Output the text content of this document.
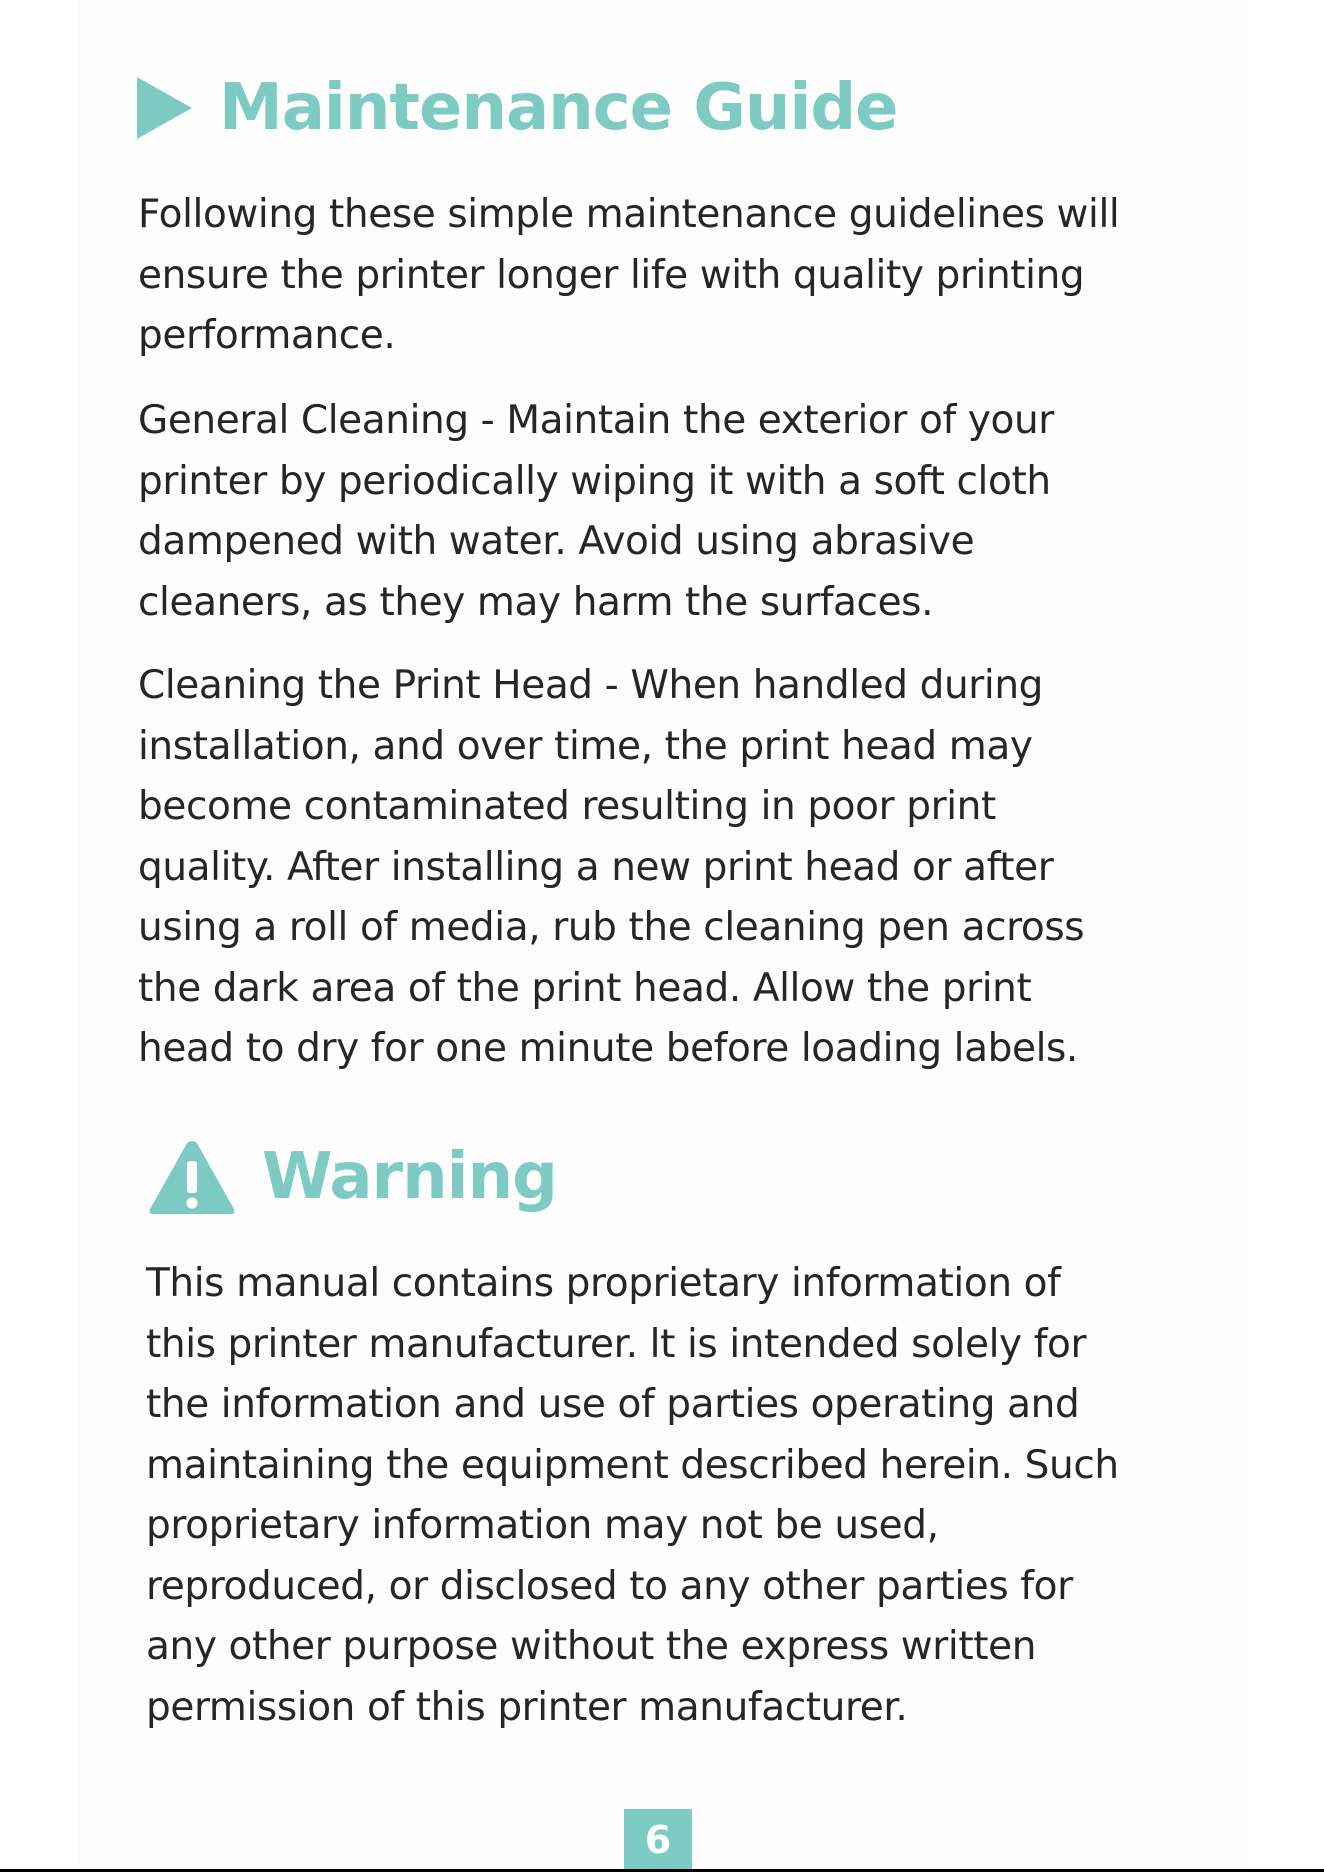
Maintenance Guide

Following these simple maintenance guidelines will
ensure the printer longer life with quality printing
performance.

General Cleaning - Maintain the exterior of your
printer by periodically wiping it with a soft cloth
dampened with water. Avoid using abrasive
cleaners, as they may harm the surfaces.

Cleaning the Print Head - When handled during
installation, and over time, the print head may
become contaminated resulting in poor print
quality. After installing a new print head or after
using a roll of media, rub the cleaning pen across
the dark area of the print head. Allow the print
head to dry for one minute before loading labels.

Warning

This manual contains proprietary information of
this printer manufacturer. lt is intended solely for
the information and use of parties operating and
maintaining the equipment described herein. Such
proprietary information may not be used,
reproduced, or disclosed to any other parties for
any other purpose without the express written
permission of this printer manufacturer.

6
